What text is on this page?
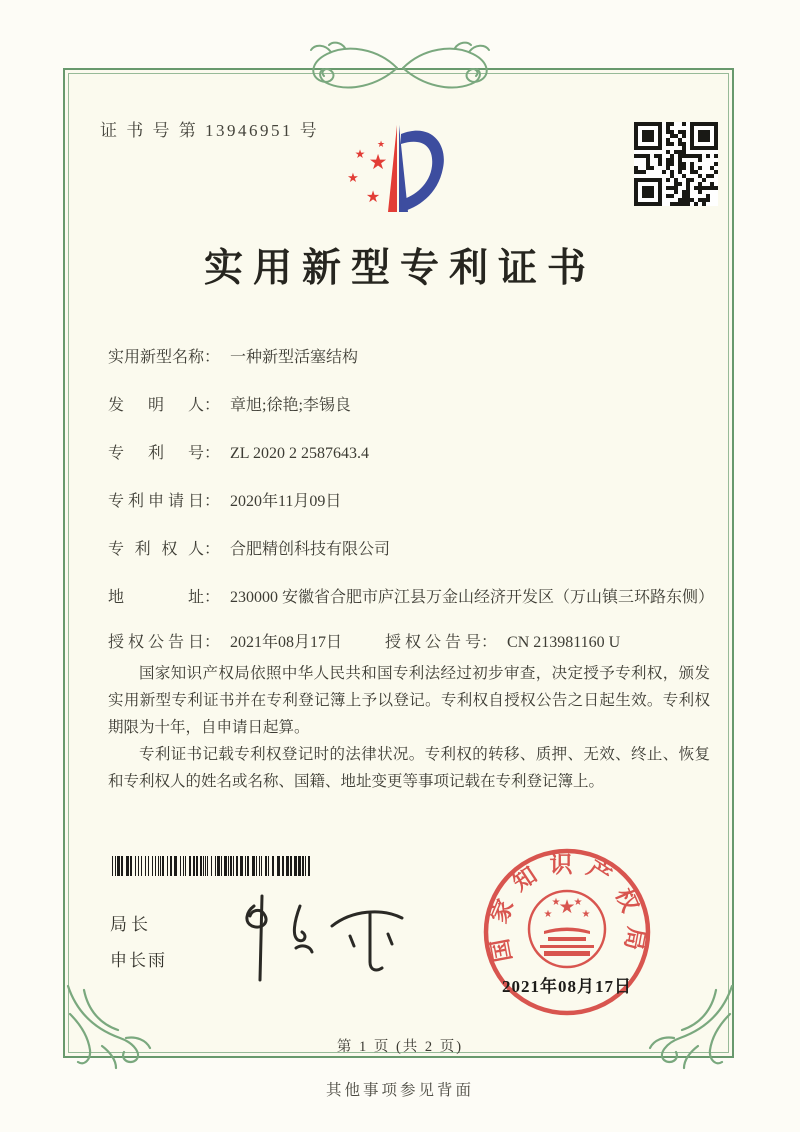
证 书 号 第 13946951 号
★
★
★
★
★
实用新型专利证书
实用新型名称 ： 一种新型活塞结构
发明人 ： 章旭;徐艳;李锡良
专利号 ： ZL 2020 2 2587643.4
专利申请日 ： 2020年11月09日
专利权人 ： 合肥精创科技有限公司
地址 ： 230000 安徽省合肥市庐江县万金山经济开发区（万山镇三环路东侧）
授权公告日 ： 2021年08月17日	授权公告号 ： CN 213981160 U

国家知识产权局依照中华人民共和国专利法经过初步审查，决定授予专利权，颁发实用新型专利证书并在专利登记簿上予以登记。专利权自授权公告之日起生效。专利权期限为十年，自申请日起算。

专利证书记载专利权登记时的法律状况。专利权的转移、质押、无效、终止、恢复和专利权人的姓名或名称、国籍、地址变更等事项记载在专利登记簿上。

局长
申长雨	国家知识产权局
★
★
★ ★
★
2021年08月17日
第 1 页 (共 2 页)
其他事项参见背面
